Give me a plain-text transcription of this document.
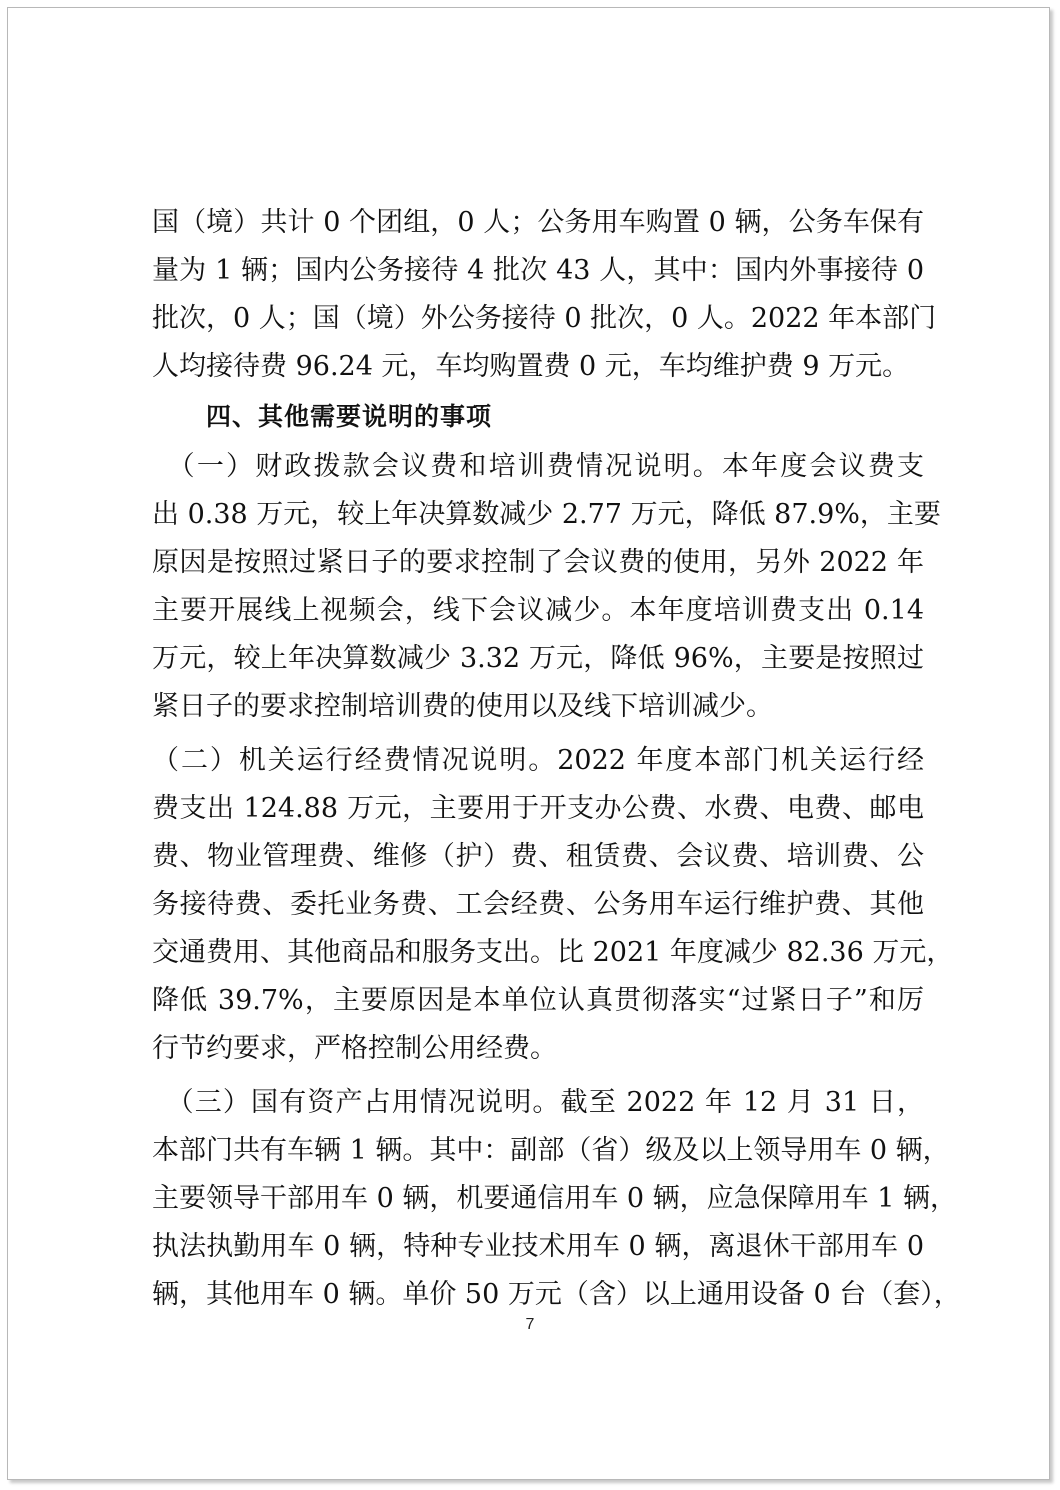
国（境）共计 0 个团组，0 人；公务用车购置 0 辆，公务车保有
量为 1 辆；国内公务接待 4 批次 43 人，其中：国内外事接待 0
批次，0 人；国（境）外公务接待 0 批次，0 人。2022 年本部门
人均接待费 96.24 元，车均购置费 0 元，车均维护费 9 万元。
四、其他需要说明的事项
　（一）财政拨款会议费和培训费情况说明。本年度会议费支
出 0.38 万元，较上年决算数减少 2.77 万元，降低 87.9%，主要
原因是按照过紧日子的要求控制了会议费的使用，另外 2022 年
主要开展线上视频会，线下会议减少。本年度培训费支出 0.14
万元，较上年决算数减少 3.32 万元，降低 96%，主要是按照过
紧日子的要求控制培训费的使用以及线下培训减少。
（二）机关运行经费情况说明。2022 年度本部门机关运行经
费支出 124.88 万元，主要用于开支办公费、水费、电费、邮电
费、物业管理费、维修（护）费、租赁费、会议费、培训费、公
务接待费、委托业务费、工会经费、公务用车运行维护费、其他
交通费用、其他商品和服务支出。比 2021 年度减少 82.36 万元，
降低 39.7%，主要原因是本单位认真贯彻落实“过紧日子”和厉
行节约要求，严格控制公用经费。
　（三）国有资产占用情况说明。截至 2022 年 12 月 31 日，
本部门共有车辆 1 辆。其中：副部（省）级及以上领导用车 0 辆，
主要领导干部用车 0 辆，机要通信用车 0 辆，应急保障用车 1 辆，
执法执勤用车 0 辆，特种专业技术用车 0 辆，离退休干部用车 0
辆，其他用车 0 辆。单价 50 万元（含）以上通用设备 0 台（套），
7
